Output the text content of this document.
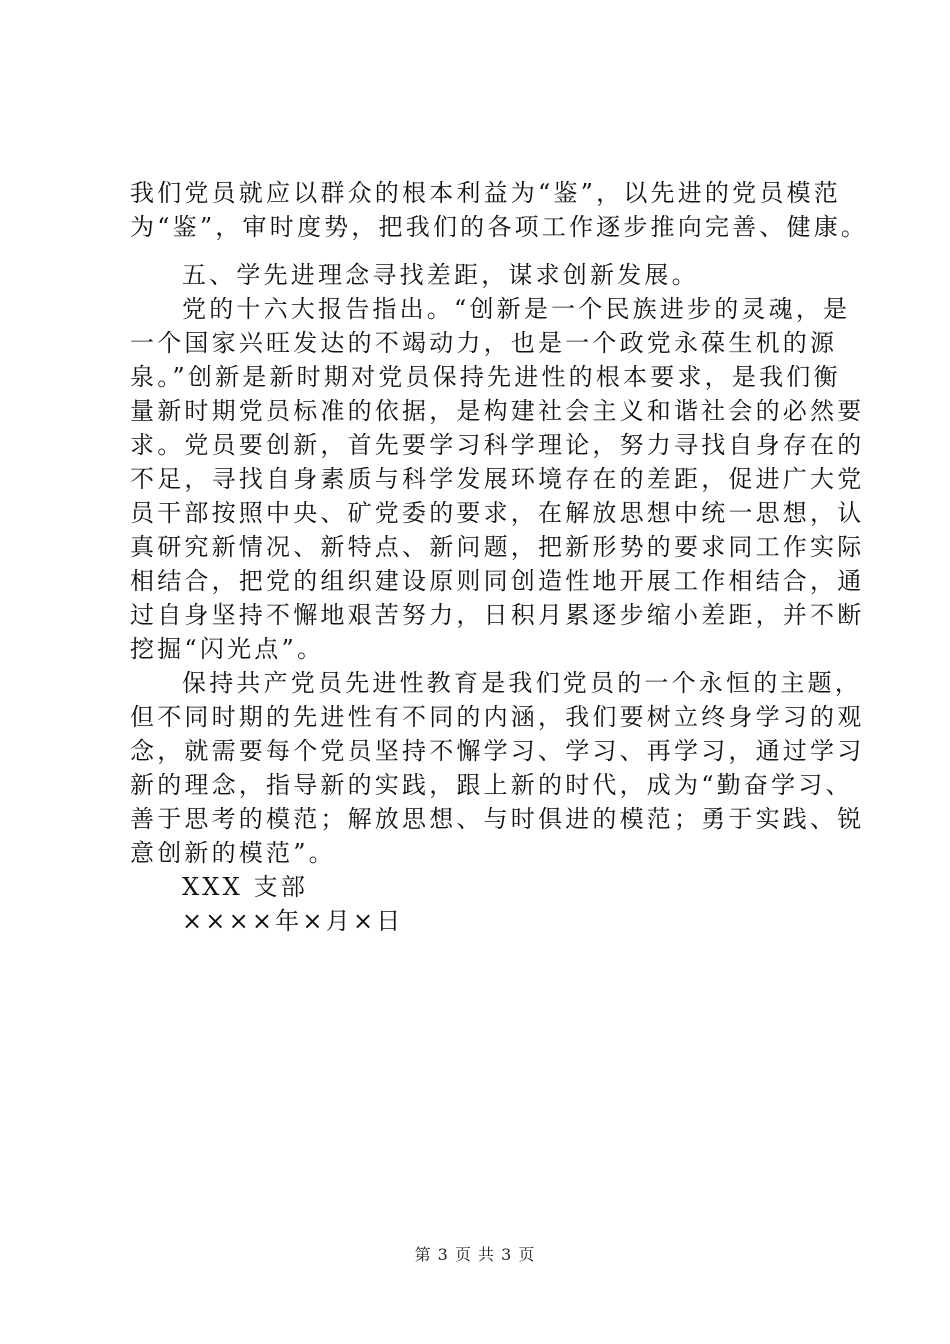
我们党员就应以群众的根本利益为“鉴”，以先进的党员模范
为“鉴”，审时度势，把我们的各项工作逐步推向完善、健康。
五、学先进理念寻找差距，谋求创新发展。
党的十六大报告指出。“创新是一个民族进步的灵魂，是
一个国家兴旺发达的不竭动力，也是一个政党永葆生机的源
泉。”创新是新时期对党员保持先进性的根本要求，是我们衡
量新时期党员标准的依据，是构建社会主义和谐社会的必然要
求。党员要创新，首先要学习科学理论，努力寻找自身存在的
不足，寻找自身素质与科学发展环境存在的差距，促进广大党
员干部按照中央、矿党委的要求，在解放思想中统一思想，认
真研究新情况、新特点、新问题，把新形势的要求同工作实际
相结合，把党的组织建设原则同创造性地开展工作相结合，通
过自身坚持不懈地艰苦努力，日积月累逐步缩小差距，并不断
挖掘“闪光点”。
保持共产党员先进性教育是我们党员的一个永恒的主题，
但不同时期的先进性有不同的内涵，我们要树立终身学习的观
念，就需要每个党员坚持不懈学习、学习、再学习，通过学习
新的理念，指导新的实践，跟上新的时代，成为“勤奋学习、
善于思考的模范；解放思想、与时俱进的模范；勇于实践、锐
意创新的模范”。
XXX 支部
××××年×月×日
第 3 页 共 3 页
